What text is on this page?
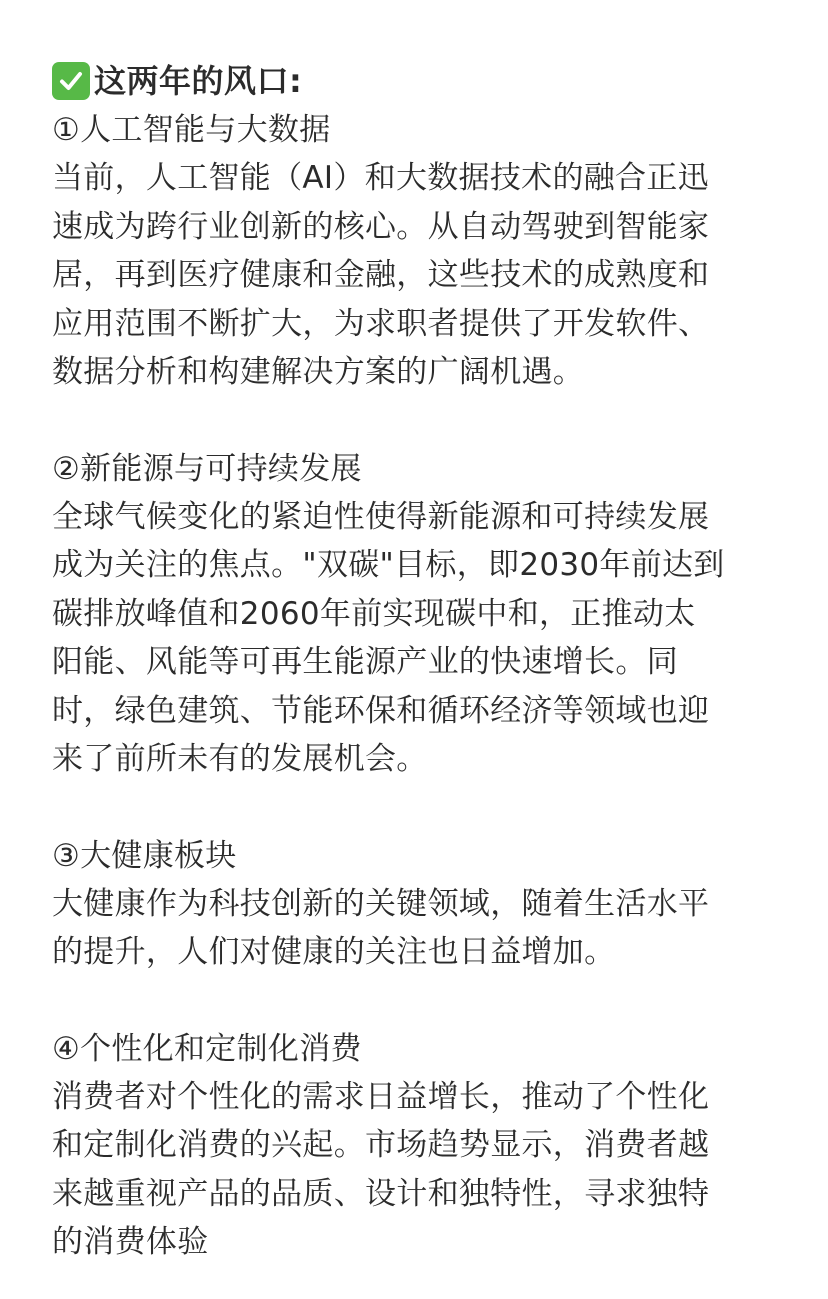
这两年的风口:
①人工智能与大数据
当前，人工智能（AI）和大数据技术的融合正迅
速成为跨行业创新的核心。从自动驾驶到智能家
居，再到医疗健康和金融，这些技术的成熟度和
应用范围不断扩大，为求职者提供了开发软件、
数据分析和构建解决方案的广阔机遇。
②新能源与可持续发展
全球气候变化的紧迫性使得新能源和可持续发展
成为关注的焦点。"双碳"目标，即2030年前达到
碳排放峰值和2060年前实现碳中和，正推动太
阳能、风能等可再生能源产业的快速增长。同
时，绿色建筑、节能环保和循环经济等领域也迎
来了前所未有的发展机会。
③大健康板块
大健康作为科技创新的关键领域，随着生活水平
的提升，人们对健康的关注也日益增加。
④个性化和定制化消费
消费者对个性化的需求日益增长，推动了个性化
和定制化消费的兴起。市场趋势显示，消费者越
来越重视产品的品质、设计和独特性，寻求独特
的消费体验
